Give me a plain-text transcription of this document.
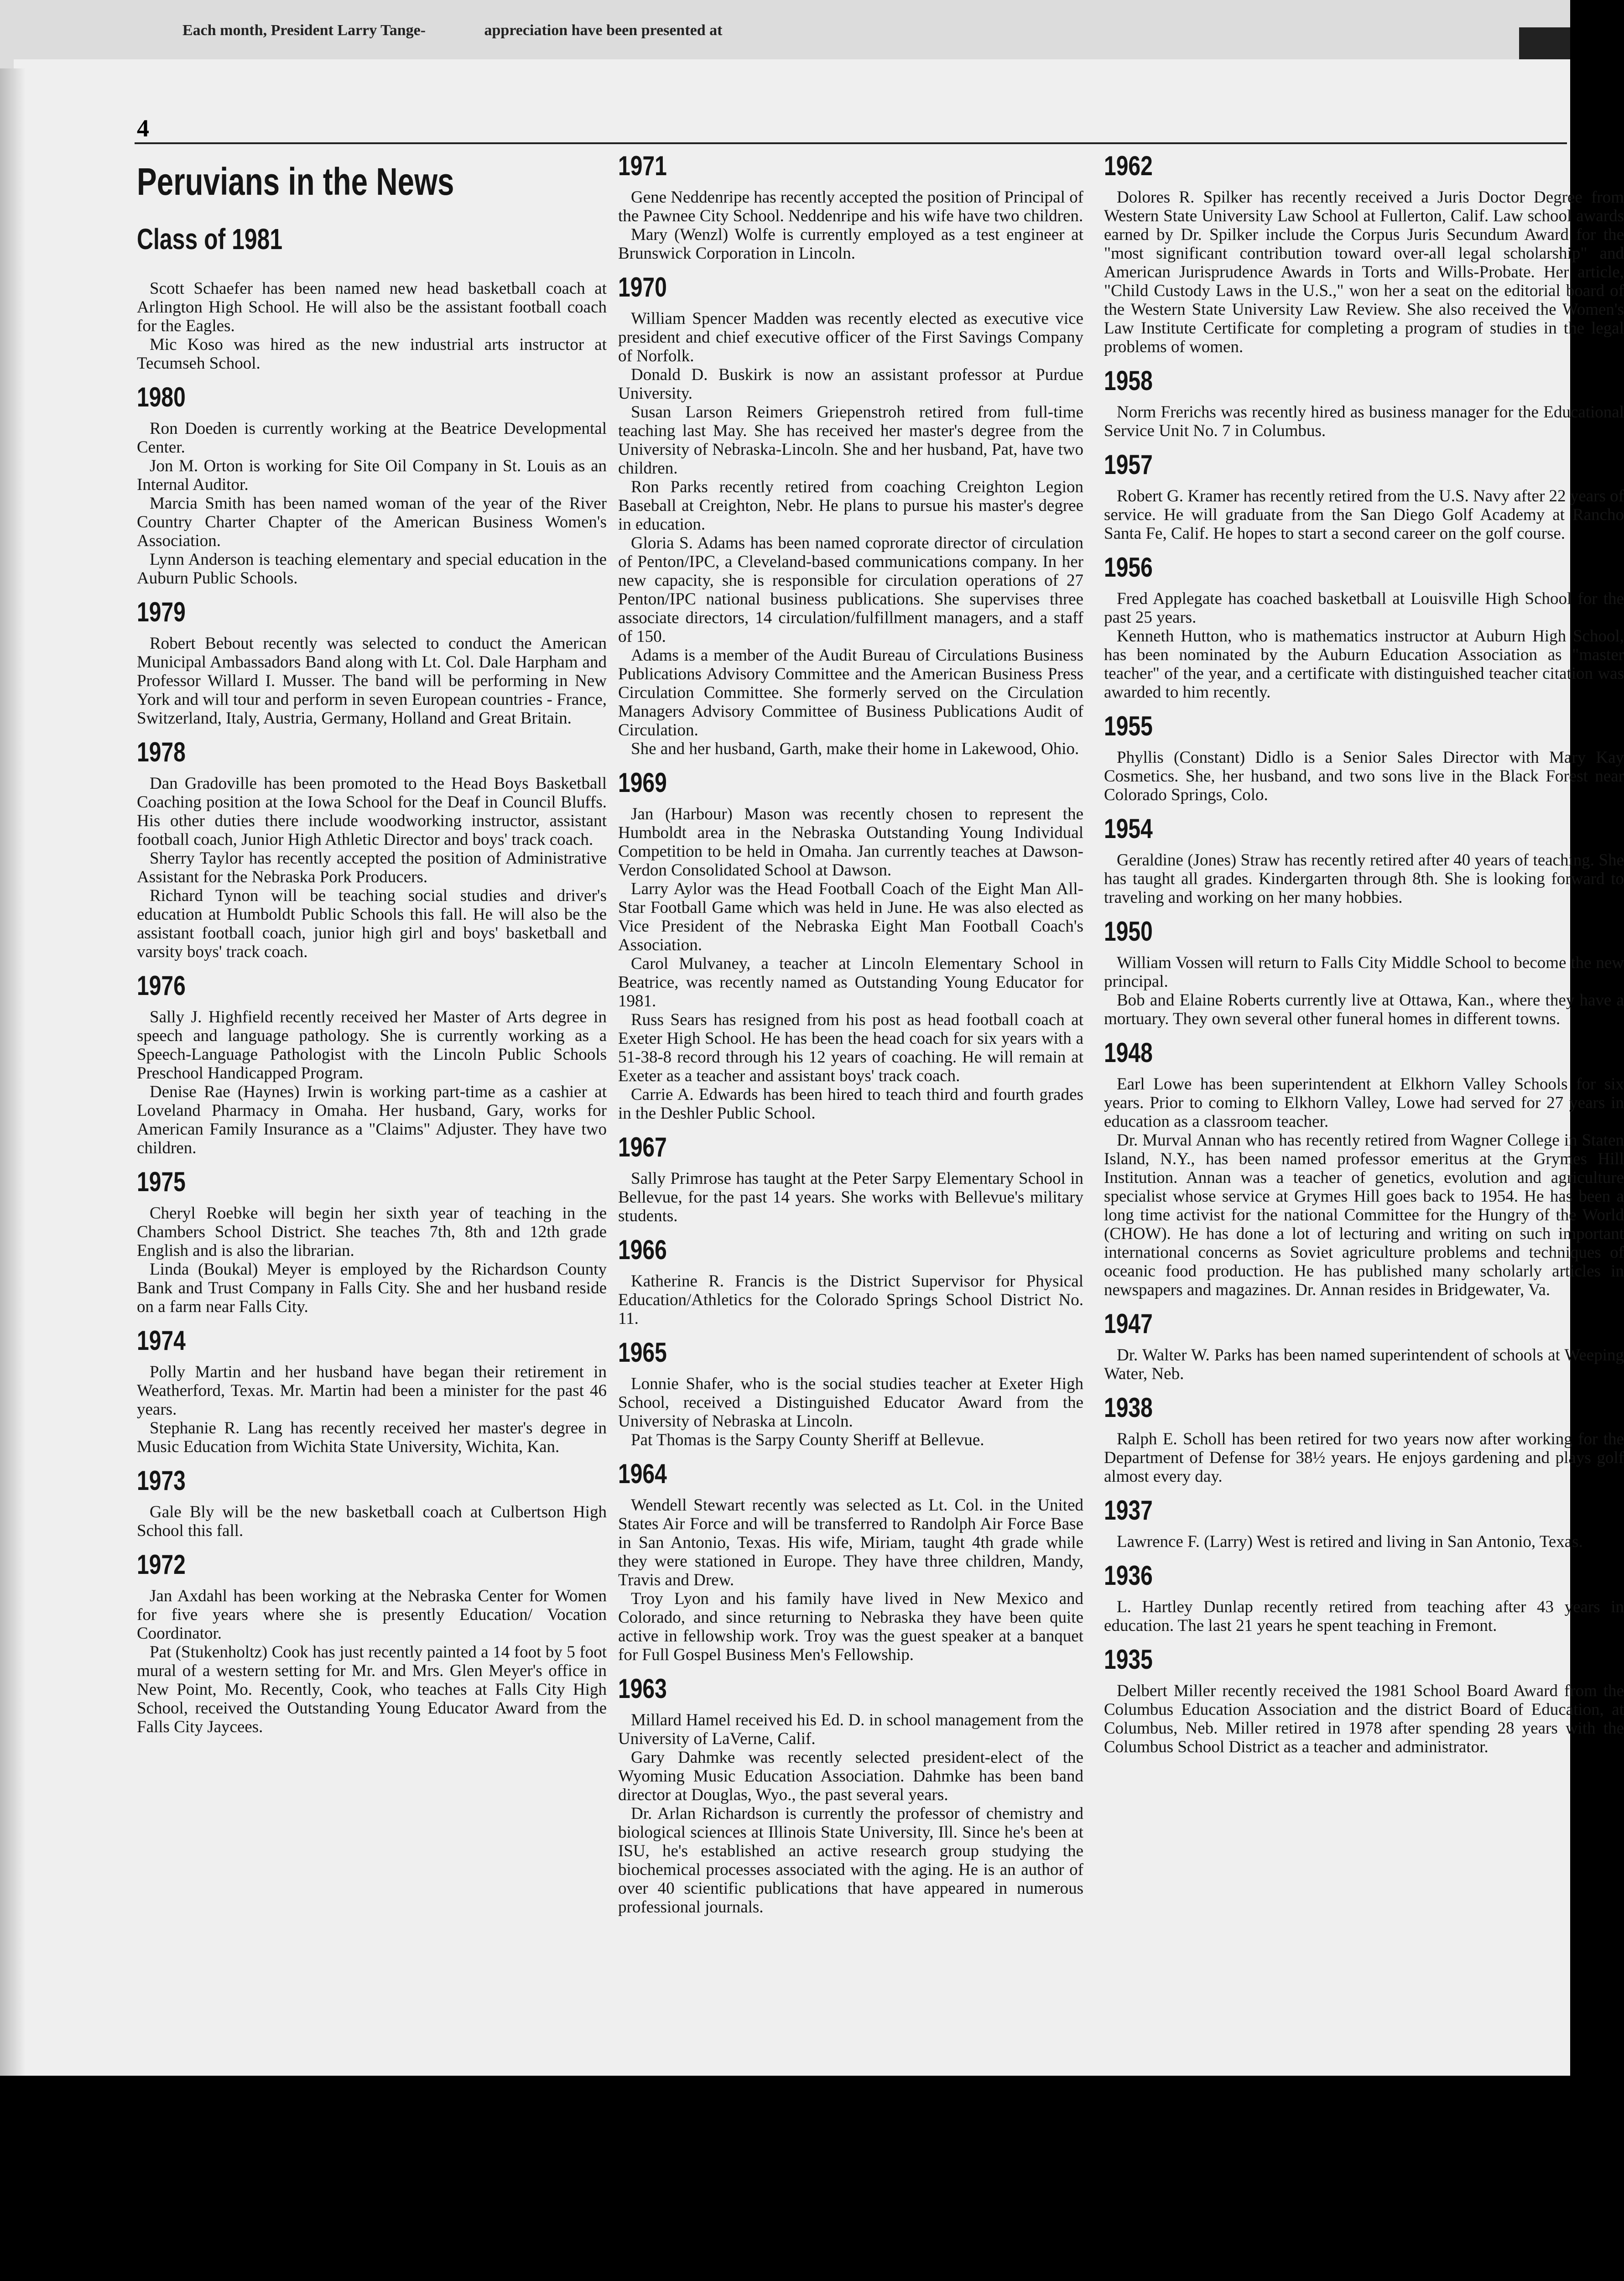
Each month, President Larry Tange-	appreciation have been presented at
4
Peruvians in the News
Class of 1981

Scott Schaefer has been named new head basketball coach at Arlington High School. He will also be the assistant football coach for the Eagles.

Mic Koso was hired as the new industrial arts instructor at Tecumseh School.

1980

Ron Doeden is currently working at the Beatrice Developmental Center.

Jon M. Orton is working for Site Oil Company in St. Louis as an Internal Auditor.

Marcia Smith has been named woman of the year of the River Country Charter Chapter of the American Business Women's Association.

Lynn Anderson is teaching elementary and special education in the Auburn Public Schools.

1979

Robert Bebout recently was selected to conduct the American Municipal Ambassadors Band along with Lt. Col. Dale Harpham and Professor Willard I. Musser. The band will be performing in New York and will tour and perform in seven European countries - France, Switzerland, Italy, Austria, Germany, Holland and Great Britain.

1978

Dan Gradoville has been promoted to the Head Boys Basketball Coaching position at the Iowa School for the Deaf in Council Bluffs. His other duties there include woodworking instructor, assistant football coach, Junior High Athletic Director and boys' track coach.

Sherry Taylor has recently accepted the position of Administrative Assistant for the Nebraska Pork Producers.

Richard Tynon will be teaching social studies and driver's education at Humboldt Public Schools this fall. He will also be the assistant football coach, junior high girl and boys' basketball and varsity boys' track coach.

1976

Sally J. Highfield recently received her Master of Arts degree in speech and language pathology. She is currently working as a Speech-Language Pathologist with the Lincoln Public Schools Preschool Handicapped Program.

Denise Rae (Haynes) Irwin is working part-time as a cashier at Loveland Pharmacy in Omaha. Her husband, Gary, works for American Family Insurance as a "Claims" Adjuster. They have two children.

1975

Cheryl Roebke will begin her sixth year of teaching in the Chambers School District. She teaches 7th, 8th and 12th grade English and is also the librarian.

Linda (Boukal) Meyer is employed by the Richardson County Bank and Trust Company in Falls City. She and her husband reside on a farm near Falls City.

1974

Polly Martin and her husband have began their retirement in Weatherford, Texas. Mr. Martin had been a minister for the past 46 years.

Stephanie R. Lang has recently received her master's degree in Music Education from Wichita State University, Wichita, Kan.

1973

Gale Bly will be the new basketball coach at Culbertson High School this fall.

1972

Jan Axdahl has been working at the Nebraska Center for Women for five years where she is presently Education/ Vocation Coordinator.

Pat (Stukenholtz) Cook has just recently painted a 14 foot by 5 foot mural of a western setting for Mr. and Mrs. Glen Meyer's office in New Point, Mo. Recently, Cook, who teaches at Falls City High School, received the Outstanding Young Educator Award from the Falls City Jaycees.

1971

Gene Neddenripe has recently accepted the position of Principal of the Pawnee City School. Neddenripe and his wife have two children.

Mary (Wenzl) Wolfe is currently employed as a test engineer at Brunswick Corporation in Lincoln.

1970

William Spencer Madden was recently elected as executive vice president and chief executive officer of the First Savings Company of Norfolk.

Donald D. Buskirk is now an assistant professor at Purdue University.

Susan Larson Reimers Griepenstroh retired from full-time teaching last May. She has received her master's degree from the University of Nebraska-Lincoln. She and her husband, Pat, have two children.

Ron Parks recently retired from coaching Creighton Legion Baseball at Creighton, Nebr. He plans to pursue his master's degree in education.

Gloria S. Adams has been named coprorate director of circulation of Penton/IPC, a Cleveland-based communications company. In her new capacity, she is responsible for circulation operations of 27 Penton/IPC national business publications. She supervises three associate directors, 14 circulation/fulfillment managers, and a staff of 150.

Adams is a member of the Audit Bureau of Circulations Business Publications Advisory Committee and the American Business Press Circulation Committee. She formerly served on the Circulation Managers Advisory Committee of Business Publications Audit of Circulation.

She and her husband, Garth, make their home in Lakewood, Ohio.

1969

Jan (Harbour) Mason was recently chosen to represent the Humboldt area in the Nebraska Outstanding Young Individual Competition to be held in Omaha. Jan currently teaches at Dawson-Verdon Consolidated School at Dawson.

Larry Aylor was the Head Football Coach of the Eight Man All-Star Football Game which was held in June. He was also elected as Vice President of the Nebraska Eight Man Football Coach's Association.

Carol Mulvaney, a teacher at Lincoln Elementary School in Beatrice, was recently named as Outstanding Young Educator for 1981.

Russ Sears has resigned from his post as head football coach at Exeter High School. He has been the head coach for six years with a 51-38-8 record through his 12 years of coaching. He will remain at Exeter as a teacher and assistant boys' track coach.

Carrie A. Edwards has been hired to teach third and fourth grades in the Deshler Public School.

1967

Sally Primrose has taught at the Peter Sarpy Elementary School in Bellevue, for the past 14 years. She works with Bellevue's military students.

1966

Katherine R. Francis is the District Supervisor for Physical Education/Athletics for the Colorado Springs School District No. 11.

1965

Lonnie Shafer, who is the social studies teacher at Exeter High School, received a Distinguished Educator Award from the University of Nebraska at Lincoln.

Pat Thomas is the Sarpy County Sheriff at Bellevue.

1964

Wendell Stewart recently was selected as Lt. Col. in the United States Air Force and will be transferred to Randolph Air Force Base in San Antonio, Texas. His wife, Miriam, taught 4th grade while they were stationed in Europe. They have three children, Mandy, Travis and Drew.

Troy Lyon and his family have lived in New Mexico and Colorado, and since returning to Nebraska they have been quite active in fellowship work. Troy was the guest speaker at a banquet for Full Gospel Business Men's Fellowship.

1963

Millard Hamel received his Ed. D. in school management from the University of LaVerne, Calif.

Gary Dahmke was recently selected president-elect of the Wyoming Music Education Association. Dahmke has been band director at Douglas, Wyo., the past several years.

Dr. Arlan Richardson is currently the professor of chemistry and biological sciences at Illinois State University, Ill. Since he's been at ISU, he's established an active research group studying the biochemical processes associated with the aging. He is an author of over 40 scientific publications that have appeared in numerous professional journals.

1962

Dolores R. Spilker has recently received a Juris Doctor Degree from Western State University Law School at Fullerton, Calif. Law school awards earned by Dr. Spilker include the Corpus Juris Secundum Award for the "most significant contribution toward over-all legal scholarship" and American Jurisprudence Awards in Torts and Wills-Probate. Her article, "Child Custody Laws in the U.S.," won her a seat on the editorial board of the Western State University Law Review. She also received the Women's Law Institute Certificate for completing a program of studies in the legal problems of women.

1958

Norm Frerichs was recently hired as business manager for the Educational Service Unit No. 7 in Columbus.

1957

Robert G. Kramer has recently retired from the U.S. Navy after 22 years of service. He will graduate from the San Diego Golf Academy at Rancho Santa Fe, Calif. He hopes to start a second career on the golf course.

1956

Fred Applegate has coached basketball at Louisville High School for the past 25 years.

Kenneth Hutton, who is mathematics instructor at Auburn High School, has been nominated by the Auburn Education Association as "master teacher" of the year, and a certificate with distinguished teacher citation was awarded to him recently.

1955

Phyllis (Constant) Didlo is a Senior Sales Director with Mary Kay Cosmetics. She, her husband, and two sons live in the Black Forest near Colorado Springs, Colo.

1954

Geraldine (Jones) Straw has recently retired after 40 years of teaching. She has taught all grades. Kindergarten through 8th. She is looking forward to traveling and working on her many hobbies.

1950

William Vossen will return to Falls City Middle School to become the new principal.

Bob and Elaine Roberts currently live at Ottawa, Kan., where they have a mortuary. They own several other funeral homes in different towns.

1948

Earl Lowe has been superintendent at Elkhorn Valley Schools for six years. Prior to coming to Elkhorn Valley, Lowe had served for 27 years in education as a classroom teacher.

Dr. Murval Annan who has recently retired from Wagner College in Staten Island, N.Y., has been named professor emeritus at the Grymes Hill Institution. Annan was a teacher of genetics, evolution and agriculture specialist whose service at Grymes Hill goes back to 1954. He has been a long time activist for the national Committee for the Hungry of the World (CHOW). He has done a lot of lecturing and writing on such important international concerns as Soviet agriculture problems and techniques of oceanic food production. He has published many scholarly articles in newspapers and magazines. Dr. Annan resides in Bridgewater, Va.

1947

Dr. Walter W. Parks has been named superintendent of schools at Weeping Water, Neb.

1938

Ralph E. Scholl has been retired for two years now after working for the Department of Defense for 38½ years. He enjoys gardening and plays golf almost every day.

1937

Lawrence F. (Larry) West is retired and living in San Antonio, Texas.

1936

L. Hartley Dunlap recently retired from teaching after 43 years in education. The last 21 years he spent teaching in Fremont.

1935

Delbert Miller recently received the 1981 School Board Award from the Columbus Education Association and the district Board of Education, at Columbus, Neb. Miller retired in 1978 after spending 28 years with the Columbus School District as a teacher and administrator.
